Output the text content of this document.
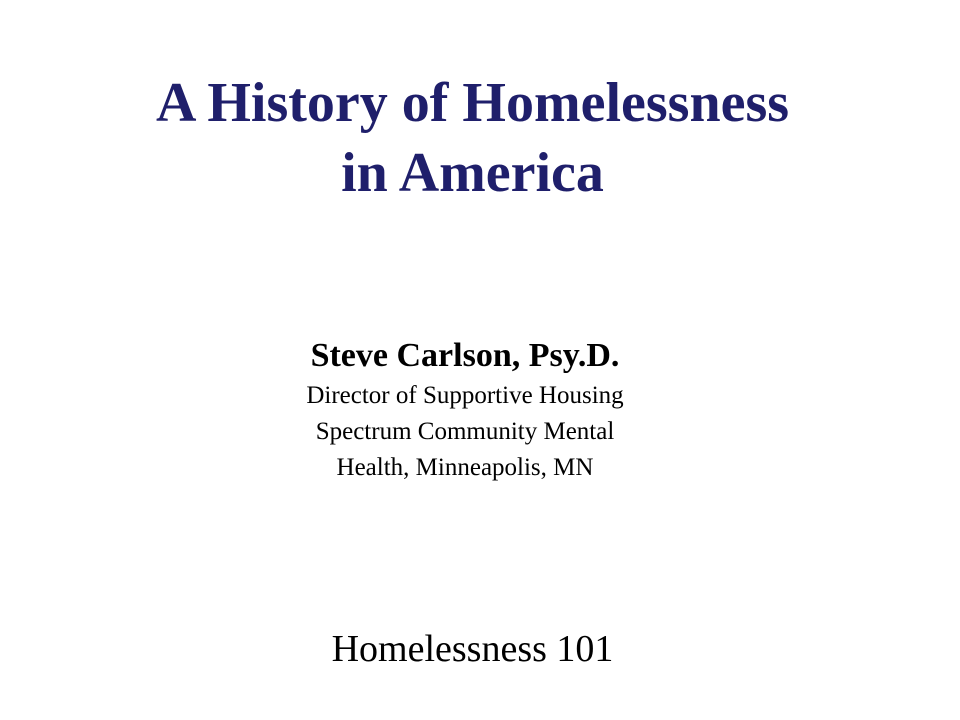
A History of Homelessness
in America
Steve Carlson, Psy.D.
Director of Supportive Housing
Spectrum Community Mental
Health, Minneapolis, MN
Homelessness 101
